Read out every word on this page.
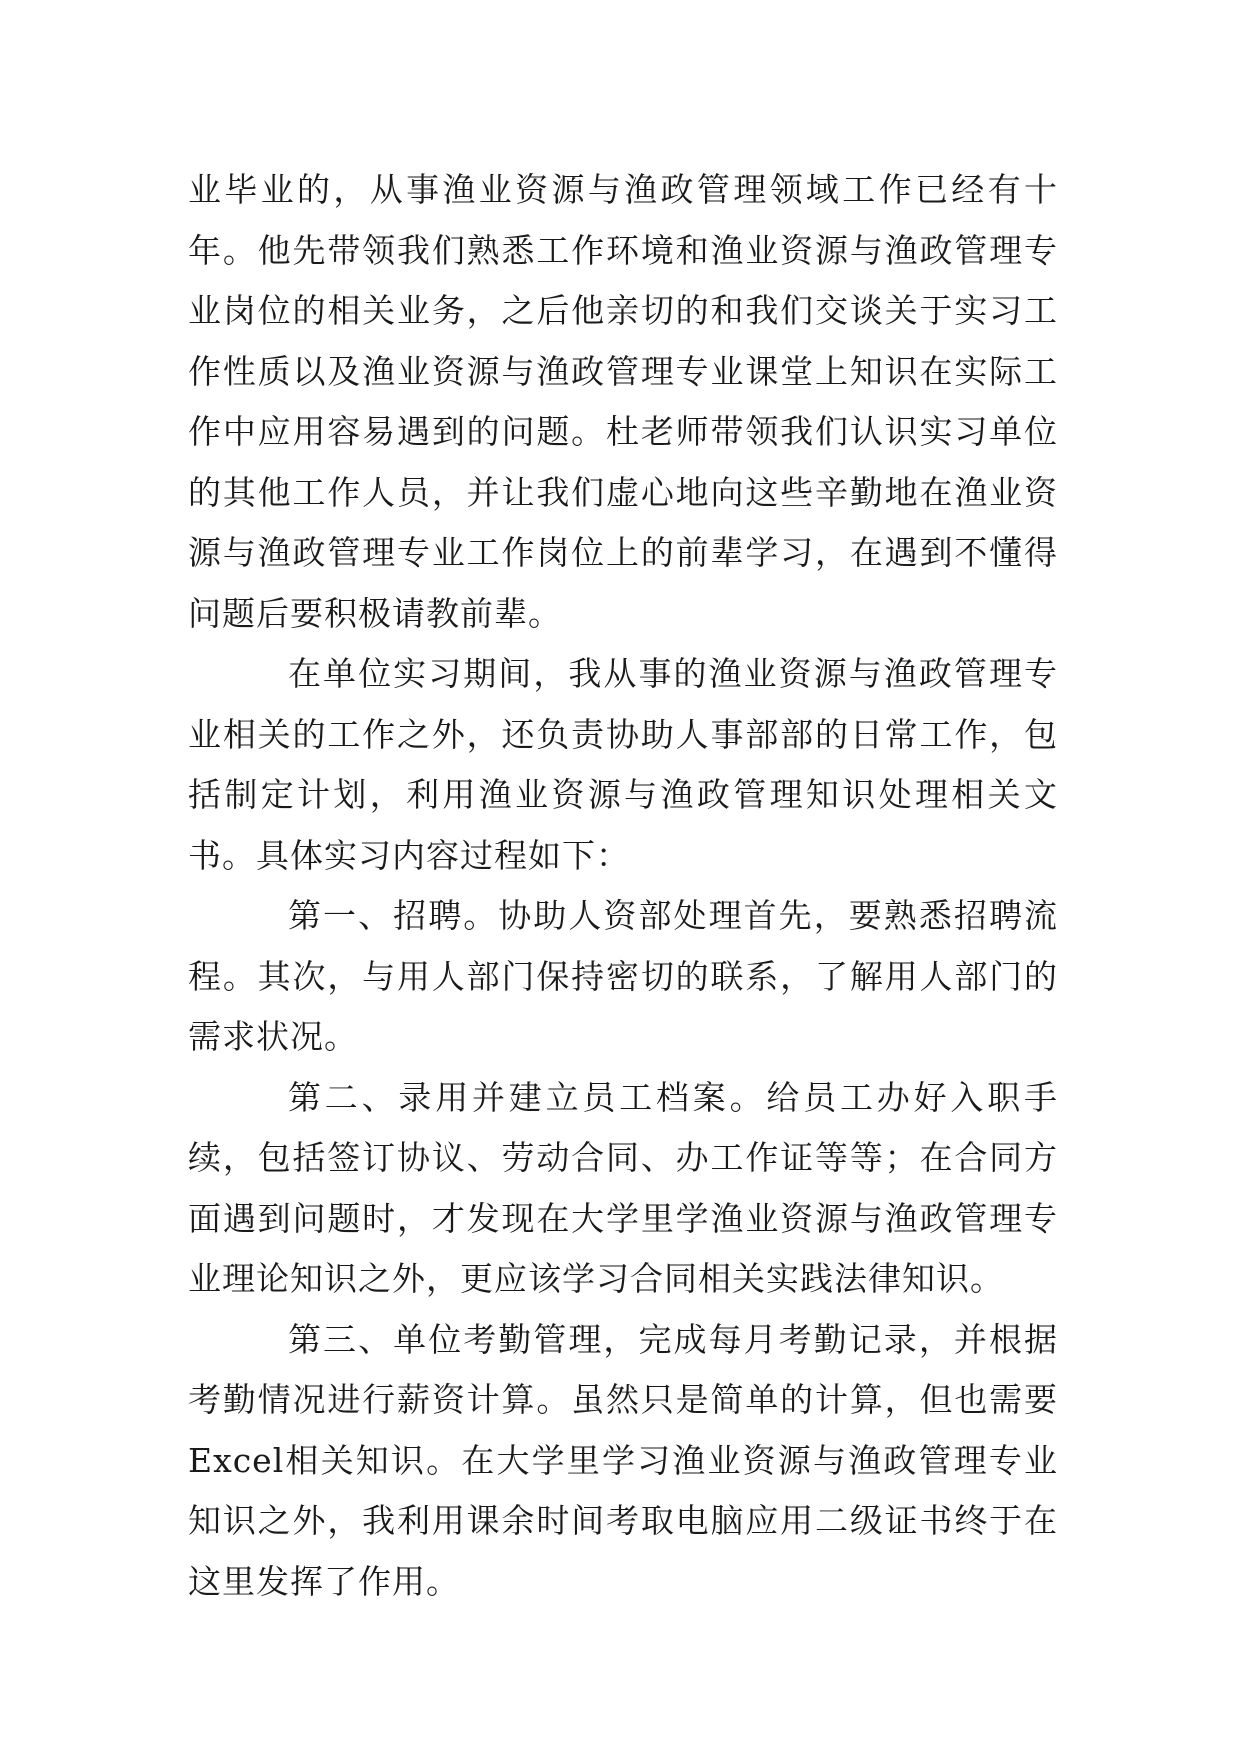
业毕业的，从事渔业资源与渔政管理领域工作已经有十年。他先带领我们熟悉工作环境和渔业资源与渔政管理专业岗位的相关业务，之后他亲切的和我们交谈关于实习工作性质以及渔业资源与渔政管理专业课堂上知识在实际工作中应用容易遇到的问题。杜老师带领我们认识实习单位的其他工作人员，并让我们虚心地向这些辛勤地在渔业资源与渔政管理专业工作岗位上的前辈学习，在遇到不懂得问题后要积极请教前辈。

在单位实习期间，我从事的渔业资源与渔政管理专业相关的工作之外，还负责协助人事部部的日常工作，包括制定计划，利用渔业资源与渔政管理知识处理相关文书。具体实习内容过程如下：

第一、招聘。协助人资部处理首先，要熟悉招聘流程。其次，与用人部门保持密切的联系，了解用人部门的需求状况。

第二、录用并建立员工档案。给员工办好入职手续，包括签订协议、劳动合同、办工作证等等；在合同方面遇到问题时，才发现在大学里学渔业资源与渔政管理专业理论知识之外，更应该学习合同相关实践法律知识。

第三、单位考勤管理，完成每月考勤记录，并根据考勤情况进行薪资计算。虽然只是简单的计算，但也需要Excel相关知识。在大学里学习渔业资源与渔政管理专业知识之外，我利用课余时间考取电脑应用二级证书终于在这里发挥了作用。
